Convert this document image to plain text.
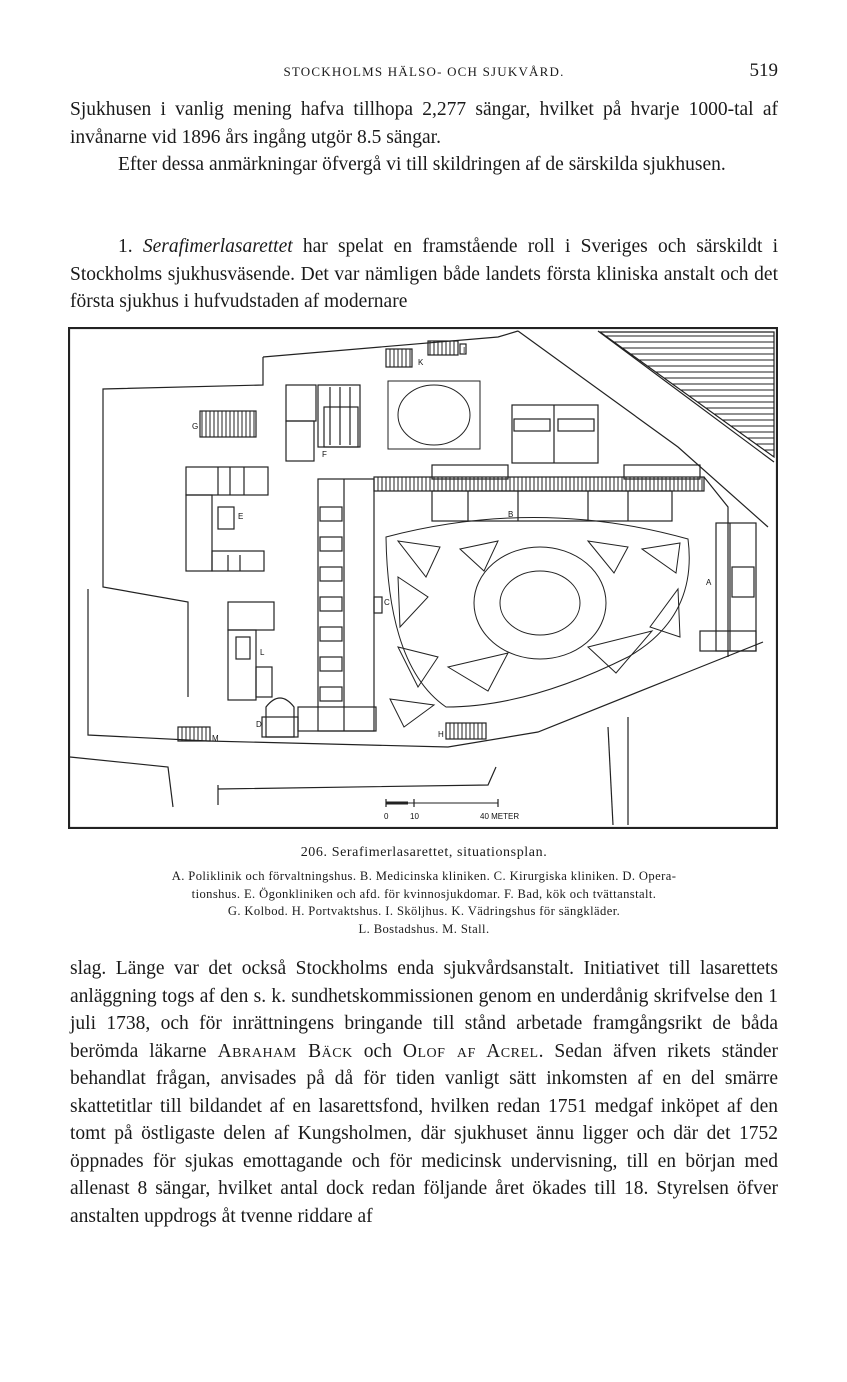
STOCKHOLMS HÄLSO- OCH SJUKVÅRD.	519

Sjukhusen i vanlig mening hafva tillhopa 2,277 sängar, hvilket på hvarje 1000-tal af invånarne vid 1896 års ingång utgör 8.5 sängar.

Efter dessa anmärkningar öfvergå vi till skildringen af de särskilda sjukhusen.

1. Serafimerlasarettet har spelat en framstående roll i Sveriges och särskildt i Stockholms sjukhusväsende. Det var nämligen både landets första kliniska anstalt och det första sjukhus i hufvudstaden af modernare

K
I
G
F
E	B
A
C
L
D
H
M
0	10	40 METER
206. Serafimerlasarettet, situationsplan.
A. Poliklinik och förvaltningshus. B. Medicinska kliniken. C. Kirurgiska kliniken. D. Opera-
tionshus. E. Ögonkliniken och afd. för kvinnosjukdomar. F. Bad, kök och tvättanstalt.
G. Kolbod. H. Portvaktshus. I. Sköljhus. K. Vädringshus för sängkläder.
L. Bostadshus. M. Stall.

slag. Länge var det också Stockholms enda sjukvårdsanstalt. Initiativet till lasarettets anläggning togs af den s. k. sundhetskommissionen genom en underdånig skrifvelse den 1 juli 1738, och för inrättningens bringande till stånd arbetade framgångsrikt de båda berömda läkarne Abraham Bäck och Olof af Acrel. Sedan äfven rikets ständer behandlat frågan, anvisades på då för tiden vanligt sätt inkomsten af en del smärre skattetitlar till bildandet af en lasarettsfond, hvilken redan 1751 medgaf inköpet af den tomt på östligaste delen af Kungsholmen, där sjukhuset ännu ligger och där det 1752 öppnades för sjukas emottagande och för medicinsk undervisning, till en början med allenast 8 sängar, hvilket antal dock redan följande året ökades till 18. Styrelsen öfver anstalten uppdrogs åt tvenne riddare af
